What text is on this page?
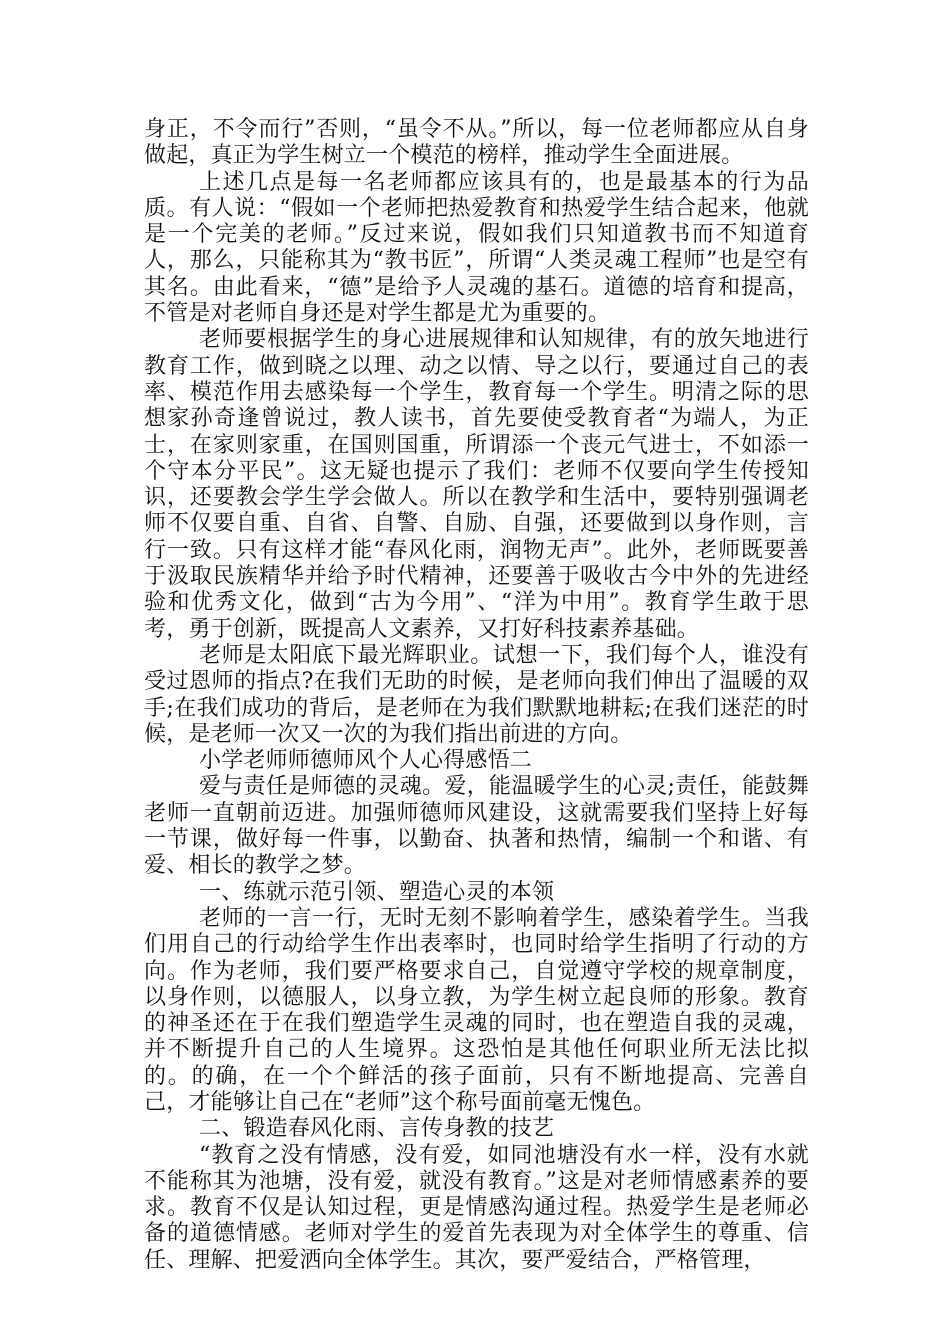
身正，不令而行”否则，“虽令不从。”所以，每一位老师都应从自身做起，真正为学生树立一个模范的榜样，推动学生全面进展。

上述几点是每一名老师都应该具有的，也是最基本的行为品质。有人说：“假如一个老师把热爱教育和热爱学生结合起来，他就是一个完美的老师。”反过来说，假如我们只知道教书而不知道育人，那么，只能称其为“教书匠”，所谓“人类灵魂工程师”也是空有其名。由此看来，“德”是给予人灵魂的基石。道德的培育和提高，不管是对老师自身还是对学生都是尤为重要的。

老师要根据学生的身心进展规律和认知规律，有的放矢地进行教育工作，做到晓之以理、动之以情、导之以行，要通过自己的表率、模范作用去感染每一个学生，教育每一个学生。明清之际的思想家孙奇逢曾说过，教人读书，首先要使受教育者“为端人，为正士，在家则家重，在国则国重，所谓添一个丧元气进士，不如添一个守本分平民”。这无疑也提示了我们：老师不仅要向学生传授知识，还要教会学生学会做人。所以在教学和生活中，要特别强调老师不仅要自重、自省、自警、自励、自强，还要做到以身作则，言行一致。只有这样才能“春风化雨，润物无声”。此外，老师既要善于汲取民族精华并给予时代精神，还要善于吸收古今中外的先进经验和优秀文化，做到“古为今用”、“洋为中用”。教育学生敢于思考，勇于创新，既提高人文素养，又打好科技素养基础。

老师是太阳底下最光辉职业。试想一下，我们每个人，谁没有受过恩师的指点?在我们无助的时候，是老师向我们伸出了温暖的双手;在我们成功的背后，是老师在为我们默默地耕耘;在我们迷茫的时候，是老师一次又一次的为我们指出前进的方向。

小学老师师德师风个人心得感悟二

爱与责任是师德的灵魂。爱，能温暖学生的心灵;责任，能鼓舞老师一直朝前迈进。加强师德师风建设，这就需要我们坚持上好每一节课，做好每一件事，以勤奋、执著和热情，编制一个和谐、有爱、相长的教学之梦。

一、练就示范引领、塑造心灵的本领

老师的一言一行，无时无刻不影响着学生，感染着学生。当我们用自己的行动给学生作出表率时，也同时给学生指明了行动的方向。作为老师，我们要严格要求自己，自觉遵守学校的规章制度，以身作则，以德服人，以身立教，为学生树立起良师的形象。教育的神圣还在于在我们塑造学生灵魂的同时，也在塑造自我的灵魂，并不断提升自己的人生境界。这恐怕是其他任何职业所无法比拟的。的确，在一个个鲜活的孩子面前，只有不断地提高、完善自己，才能够让自己在“老师”这个称号面前毫无愧色。

二、锻造春风化雨、言传身教的技艺

“教育之没有情感，没有爱，如同池塘没有水一样，没有水就不能称其为池塘，没有爱，就没有教育。”这是对老师情感素养的要求。教育不仅是认知过程，更是情感沟通过程。热爱学生是老师必备的道德情感。老师对学生的爱首先表现为对全体学生的尊重、信任、理解、把爱洒向全体学生。其次，要严爱结合，严格管理，
